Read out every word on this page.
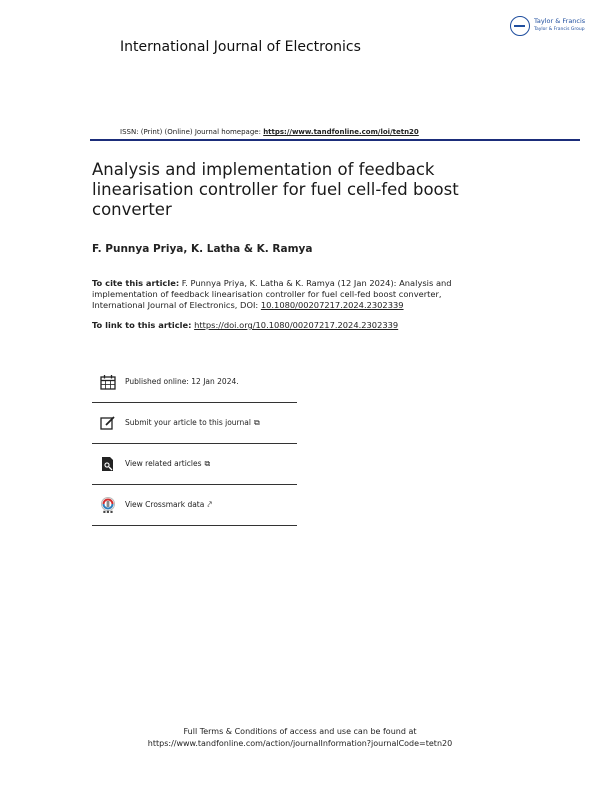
Taylor & Francis
Taylor & Francis Group
International Journal of Electronics
ISSN: (Print) (Online) Journal homepage: https://www.tandfonline.com/loi/tetn20
Analysis and implementation of feedback linearisation controller for fuel cell-fed boost converter
F. Punnya Priya, K. Latha & K. Ramya
To cite this article: F. Punnya Priya, K. Latha & K. Ramya (12 Jan 2024): Analysis and implementation of feedback linearisation controller for fuel cell-fed boost converter, International Journal of Electronics, DOI: 10.1080/00207217.2024.2302339
To link to this article: https://doi.org/10.1080/00207217.2024.2302339
Published online: 12 Jan 2024.
Submit your article to this journal ⧉
View related articles ⧉
■ ■ ■
View Crossmark data ⤤
Full Terms & Conditions of access and use can be found at
https://www.tandfonline.com/action/journalInformation?journalCode=tetn20
